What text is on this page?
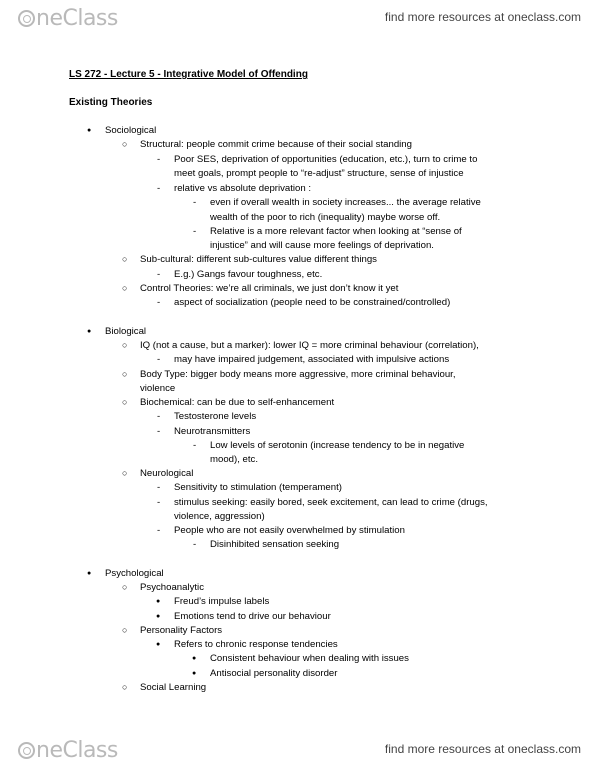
neClass	find more resources at oneclass.com
LS 272 - Lecture 5 - Integrative Model of Offending
Existing Theories
● Sociological
○ Structural: people commit crime because of their social standing
- Poor SES, deprivation of opportunities (education, etc.), turn to crime to
meet goals, prompt people to “re-adjust” structure, sense of injustice
- relative vs absolute deprivation :
- even if overall wealth in society increases... the average relative
wealth of the poor to rich (inequality) maybe worse off.
- Relative is a more relevant factor when looking at “sense of
injustice” and will cause more feelings of deprivation.
○ Sub-cultural: different sub-cultures value different things
- E.g.) Gangs favour toughness, etc.
○ Control Theories: we’re all criminals, we just don’t know it yet
- aspect of socialization (people need to be constrained/controlled)
● Biological
○ IQ (not a cause, but a marker): lower IQ = more criminal behaviour (correlation),
- may have impaired judgement, associated with impulsive actions
○ Body Type: bigger body means more aggressive, more criminal behaviour,
violence
○ Biochemical: can be due to self-enhancement
- Testosterone levels
- Neurotransmitters
- Low levels of serotonin (increase tendency to be in negative
mood), etc.
○ Neurological
- Sensitivity to stimulation (temperament)
- stimulus seeking: easily bored, seek excitement, can lead to crime (drugs,
violence, aggression)
- People who are not easily overwhelmed by stimulation
- Disinhibited sensation seeking
● Psychological
○ Psychoanalytic
● Freud’s impulse labels
● Emotions tend to drive our behaviour
○ Personality Factors
● Refers to chronic response tendencies
● Consistent behaviour when dealing with issues
● Antisocial personality disorder
○ Social Learning
neClass	find more resources at oneclass.com
